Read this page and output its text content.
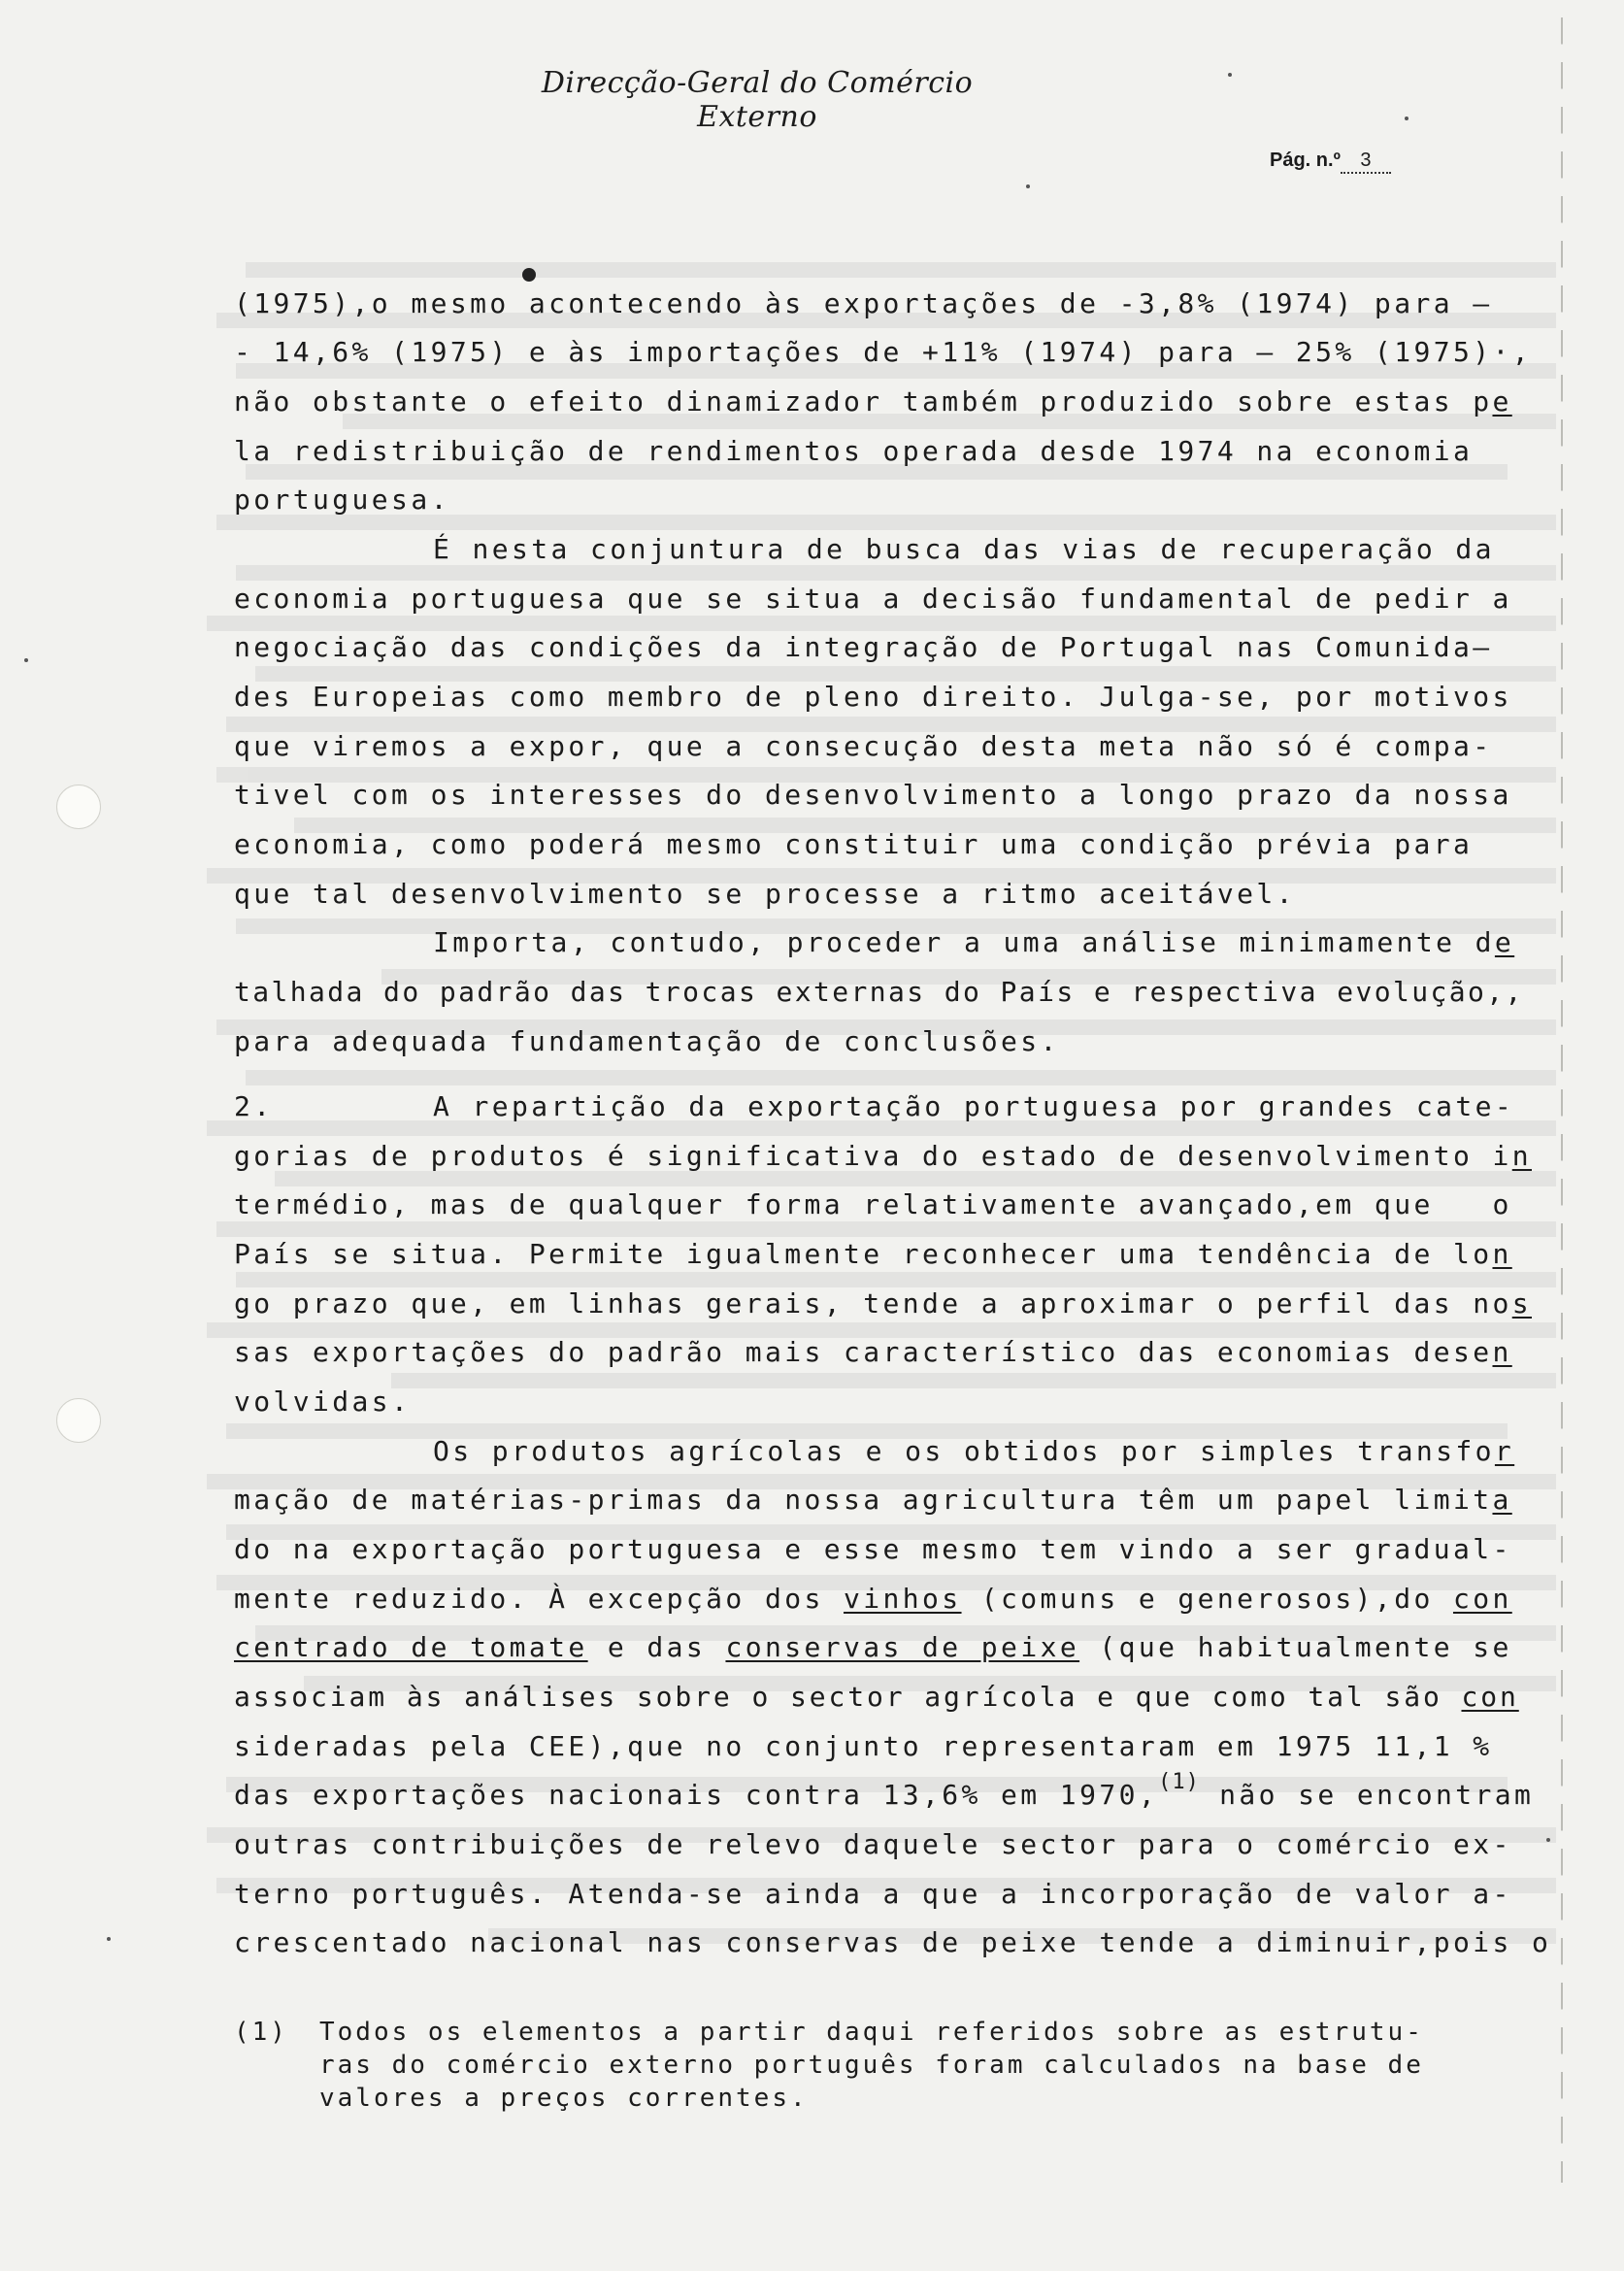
Direcção-Geral do Comércio Externo
Pág. n.º 3
(1975),o mesmo acontecendo às exportações de -3,8% (1974) para —
- 14,6% (1975) e às importações de +11% (1974) para — 25% (1975)·,
não obstante o efeito dinamizador também produzido sobre estas pe
la redistribuição de rendimentos operada desde 1974 na economia
portuguesa.
É nesta conjuntura de busca das vias de recuperação da
economia portuguesa que se situa a decisão fundamental de pedir a
negociação das condições da integração de Portugal nas Comunida—
des Europeias como membro de pleno direito. Julga-se, por motivos
que viremos a expor, que a consecução desta meta não só é compa-
tivel com os interesses do desenvolvimento a longo prazo da nossa
economia, como poderá mesmo constituir uma condição prévia para
que tal desenvolvimento se processe a ritmo aceitável.
Importa, contudo, proceder a uma análise minimamente de
talhada do padrão das trocas externas do País e respectiva evolução,,
para adequada fundamentação de conclusões.
2.	A repartição da exportação portuguesa por grandes cate-
gorias de produtos é significativa do estado de desenvolvimento in
termédio, mas de qualquer forma relativamente avançado,em que   o
País se situa. Permite igualmente reconhecer uma tendência de lon
go prazo que, em linhas gerais, tende a aproximar o perfil das nos
sas exportações do padrão mais característico das economias desen
volvidas.
Os produtos agrícolas e os obtidos por simples transfor
mação de matérias-primas da nossa agricultura têm um papel limita
do na exportação portuguesa e esse mesmo tem vindo a ser gradual-
mente reduzido. À excepção dos vinhos (comuns e generosos),do con
centrado de tomate e das conservas de peixe (que habitualmente se
associam às análises sobre o sector agrícola e que como tal são con
sideradas pela CEE),que no conjunto representaram em 1975 11,1 %
das exportações nacionais contra 13,6% em 1970,$^{(1)}$ não se encontram
outras contribuições de relevo daquele sector para o comércio ex-
terno português. Atenda-se ainda a que a incorporação de valor a-
crescentado nacional nas conservas de peixe tende a diminuir,pois o
(1) Todos os elementos a partir daqui referidos sobre as estrutu-
ras do comércio externo português foram calculados na base de
valores a preços correntes.
